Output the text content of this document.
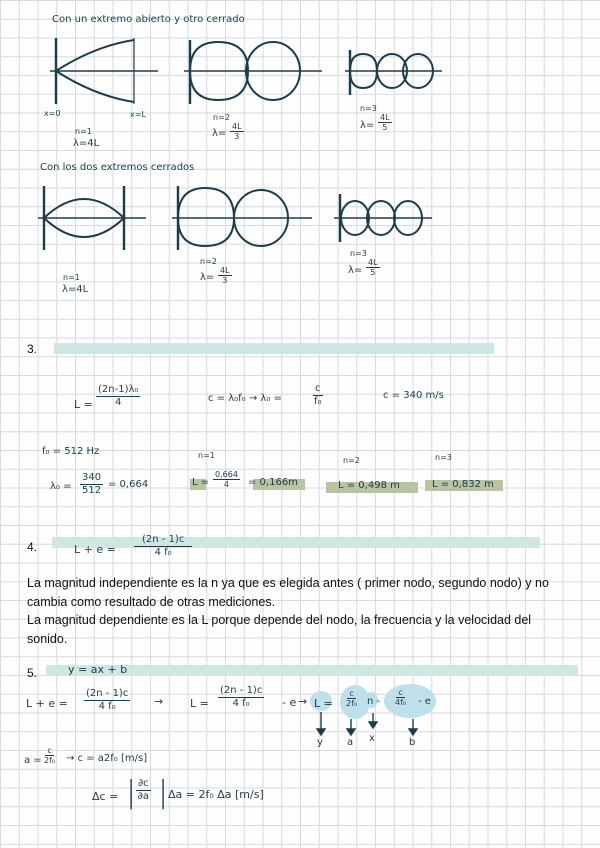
Con un extremo abierto y otro cerrado
x=0	x=L
n=1
λ=4L
n=2
$\lambda= \frac{4L}{3}$
n=3
$\lambda= \frac{4L}{5}$
Con los dos extremos cerrados
n=1
λ=4L
n=2
$\lambda= \frac{4L}{3}$
n=3
$\lambda= \frac{4L}{5}$
3.
$L = \frac{\text{(2n-1)λ₀}}{4}$	c = λ₀f₀ → λ₀ =	$\frac{c}{\text{f₀}}$	c = 340 m/s
f₀ = 512 Hz
$\lambda_0 = \frac{340}{512} = 0,664$
n=1
n=2	n=3
$L = \frac{0,664}{4} = 0,166m$	L = 0,498 m	L = 0,832 m
4.	$L + e = \frac{(2n - 1)c}{\text{4 f₀}}$
La magnitud independiente es la n ya que es elegida antes ( primer nodo, segundo nodo) y no cambia como resultado de otras mediciones.
La magnitud dependiente es la L porque depende del nodo, la frecuencia y la velocidad del sonido.
5.	y = ax + b
$L + e = \frac{(2n - 1)c}{\text{4 f₀}} \to L = \frac{(2n - 1)c}{\text{4 f₀}} - e \to L = \frac{c}{\text{2f₀}}$ n - $\frac{c}{\text{4f₀}}$ - e
y a x	b
$a = \frac{c}{\text{2f₀}} \to c = a2f_0$ [m/s]
Δc = | $\frac{\partial c}{\partial a}$ | Δa = 2f₀ Δa [m/s]
